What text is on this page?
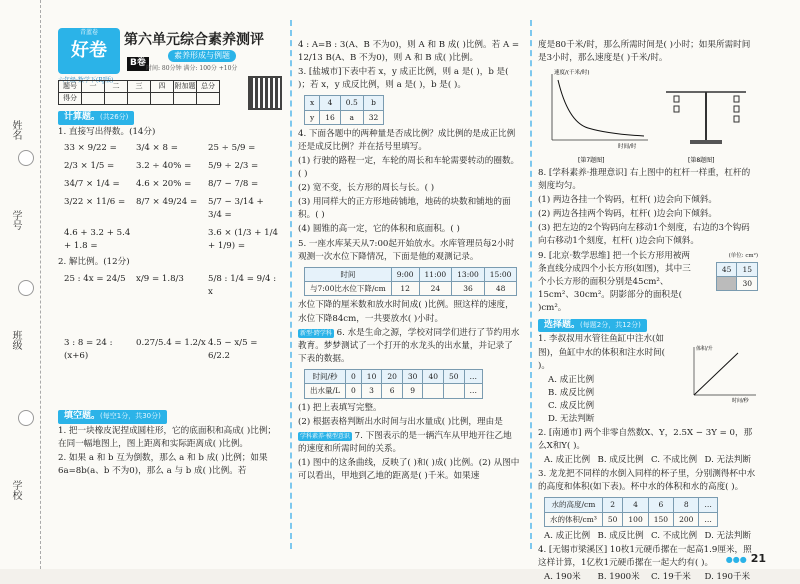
姓名
学号
班级
学校
青蓝卷
好卷
六年级·数学下(RJ版)
第六单元综合素养测评B卷
素养形成与例题
时间: 80分钟 满分: 100分 +10分
题号	一	二	三	四	附加题	总分
得分						
计算题。(共26分)
1. 直接写出得数。(14分)
33 × 9/22 =	3/4 × 8 =	25 ÷ 5/9 =
2/3 × 1/5 =	3.2 ÷ 40% =	5/9 ÷ 2/3 =
34/7 × 1/4 =	4.6 × 20% =	8/7 − 7/8 =
3/22 × 11/6 =	8/7 × 49/24 =	5/7 − 3/14 + 3/4 =
4.6 + 3.2 + 5.4 + 1.8 =
3.6 × (1/3 + 1/4 + 1/9) =
2. 解比例。(12分)
25 : 4x = 24/5	x/9 = 1.8/3	5/8 : 1/4 = 9/4 : x
3 : 8 = 24 : (x+6)
0.27/5.4 = 1.2/x 4.5 − x/5 = 6/2.2
填空题。(每空1分，共30分)
1. 把一块橡皮泥捏成圆柱形，它的底面积和高成( )比例；在同一幅地图上，图上距离和实际距离成( )比例。
2. 如果 a 和 b 互为倒数，那么 a 和 b 成( )比例；如果 6a=8b(a、b 不为0)，那么 a 与 b 成( )比例。若
4 : A=B : 3(A、B 不为0)，则 A 和 B 成( )比例。若 A = 12/13 B(A、B 不为0)，则 A 和 B 成( )比例。
3. [盐城市]下表中若 x，y 成正比例，则 a 是( )，b 是( )；若 x，y 成反比例，则 a 是( )，b 是( )。
x	4	0.5	b
y	16	a	32
4. 下面各题中的两种量是否成比例？成比例的是成正比例还是成反比例？并在括号里填写。
(1) 行驶的路程一定，车轮的周长和车轮需要转动的圈数。( )
(2) 宽不变，长方形的周长与长。( )
(3) 用同样大的正方形地砖铺地，地砖的块数和铺地的面积。( )
(4) 圆锥的高一定，它的体积和底面积。( )
5. 一座水库某天从7:00起开始放水。水库管理员每2小时观测一次水位下降情况，下面是他的观测记录。
时间	9:00	11:00	13:00	15:00
与7:00比水位下降/cm	12	24	36	48
水位下降的厘米数和放水时间成( )比例。照这样的速度，水位下降84cm，一共要放水( )小时。
新型·跨学科 6. 水是生命之源，学校对同学们进行了节约用水教育。梦梦测试了一个打开的水龙头的出水量，并记录了下表的数据。
时间/秒	0	10	20	30	40	50	…
出水量/L	0	3	6	9			…
(1) 把上表填写完整。
(2) 根据表格判断出水时间与出水量成( )比例，理由是
学科素养·模型意识 7. 下图表示的是一辆汽车从甲地开往乙地的速度和所需时间的关系。
(1) 图中的这条曲线，反映了( )和( )成( )比例。(2) 从图中可以看出，甲地到乙地的距离是( )千米。如果速
度是80千米/时，那么所需时间是( )小时；如果所需时间是3小时，那么速度是( )千米/时。
速度/(千米/时)
时间/时
[第7题图]	[第8题图]
8. [学科素养·推理意识] 右上图中的杠杆一样重，杠杆的刻度均匀。
(1) 两边各挂一个钩码，杠杆( )边会向下倾斜。
(2) 两边各挂两个钩码，杠杆( )边会向下倾斜。
(3) 把左边的2个钩码向左移动1个刻度，右边的3个钩码向右移动1个刻度，杠杆( )边会向下倾斜。
9. [北京·数学思维] 把一个长方形用被两条直线分成四个小长方形(如图)，其中三个小长方形的面积分别是45cm²、15cm²、30cm²。阴影部分的面积是( )cm²。
(单位: cm²)
45	15
	30
选择题。(每题2分，共12分)
1. 李叔叔用水管往鱼缸中注水(如图)，鱼缸中水的体积和注水时间( )。
A. 成正比例
B. 成反比例
C. 成反比例
D. 无法判断
体积/升
时间/秒
2. [南通市] 两个非零自然数X、Y，2.5X − 3Y = 0，那么X和Y( )。
A. 成正比例 B. 成反比例 C. 不成比例 D. 无法判断
3. 龙龙把不同样的水倒入同样的杯子里，分别测得杯中水的高度和体积(如下表)。杯中水的体积和水的高度( )。
水的高度/cm	2	4	6	8	…
水的体积/cm³	50	100	150	200	…
A. 成正比例 B. 成反比例 C. 不成比例 D. 无法判断
4. [无锡市梁溪区] 10枚1元硬币摞在一起高1.9厘米，照这样计算，1亿枚1元硬币摞在一起大约有( )。
A. 190米	B. 1900米	C. 19千米	D. 190千米
●●● 21
